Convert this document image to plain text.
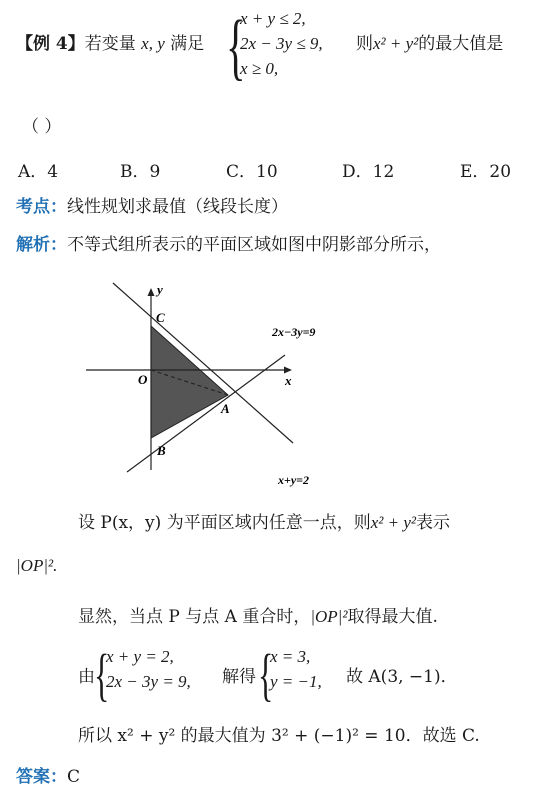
【例 4】若变量 x, y 满足 {
x + y ≤ 2,
2x − 3y ≤ 9,
x ≥ 0,
则x² + y²的最大值是
（ ）
A．4	B．9	C．10	D．12	E．20
考点：线性规划求最值（线段长度）
解析：不等式组所表示的平面区域如图中阴影部分所示，
y
x
O
A
B
C
2x−3y=9
x+y=2
设 P(x，y) 为平面区域内任意一点，则x² + y²表示
|OP|².
显然，当点 P 与点 A 重合时，|OP|²取得最大值.
由 {
x + y = 2,
2x − 3y = 9, 解得 {
x = 3,
y = −1, 故 A(3, −1)．
所以 x² + y² 的最大值为 3² + (−1)² = 10．故选 C.
答案：C
